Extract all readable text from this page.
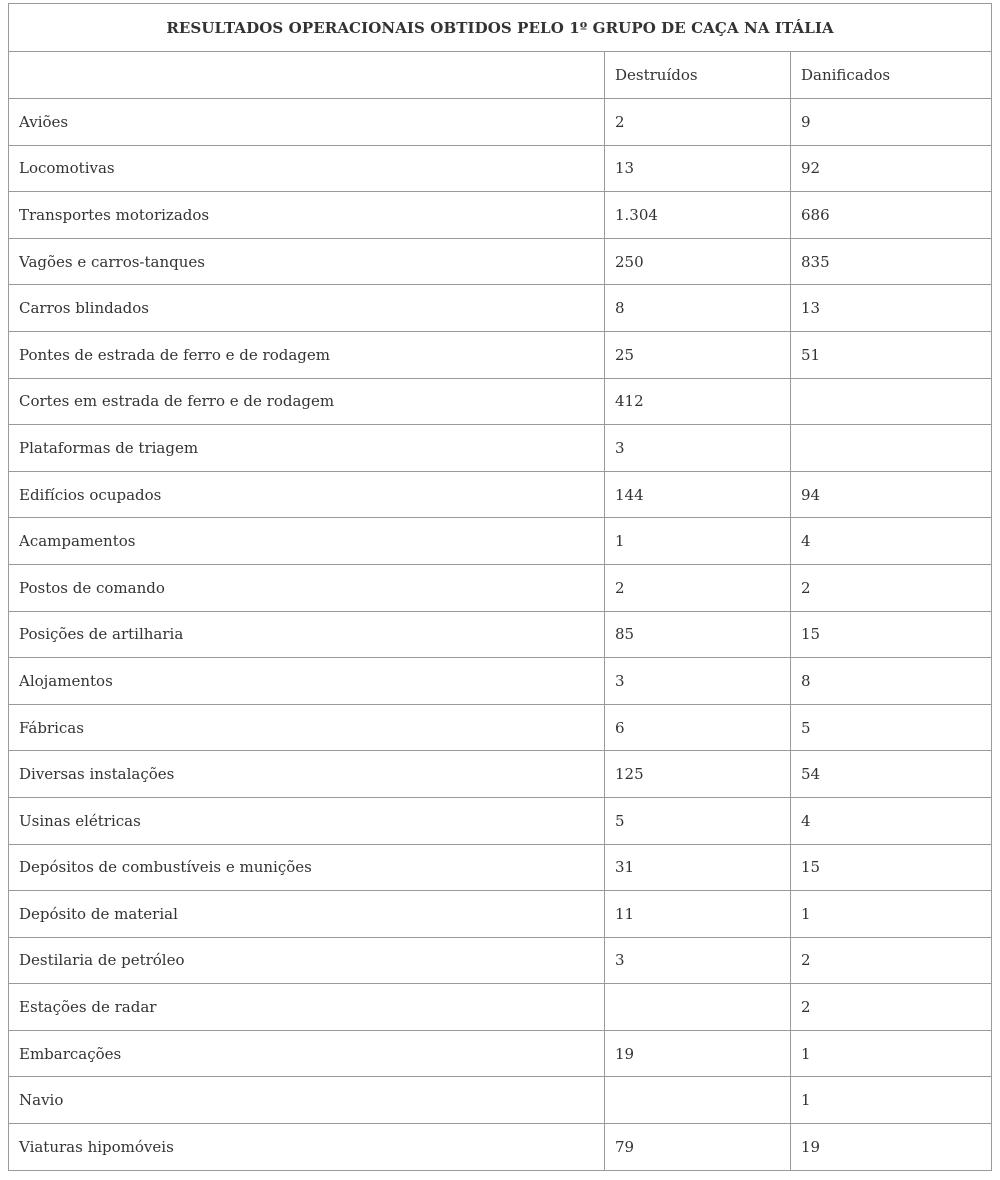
RESULTADOS OPERACIONAIS OBTIDOS PELO 1º GRUPO DE CAÇA NA ITÁLIA		
	Destruídos	Danificados
Aviões	2	9
Locomotivas	13	92
Transportes motorizados	1.304	686
Vagões e carros-tanques	250	835
Carros blindados	8	13
Pontes de estrada de ferro e de rodagem	25	51
Cortes em estrada de ferro e de rodagem	412	
Plataformas de triagem	3	
Edifícios ocupados	144	94
Acampamentos	1	4
Postos de comando	2	2
Posições de artilharia	85	15
Alojamentos	3	8
Fábricas	6	5
Diversas instalações	125	54
Usinas elétricas	5	4
Depósitos de combustíveis e munições	31	15
Depósito de material	11	1
Destilaria de petróleo	3	2
Estações de radar		2
Embarcações	19	1
Navio		1
Viaturas hipomóveis	79	19
